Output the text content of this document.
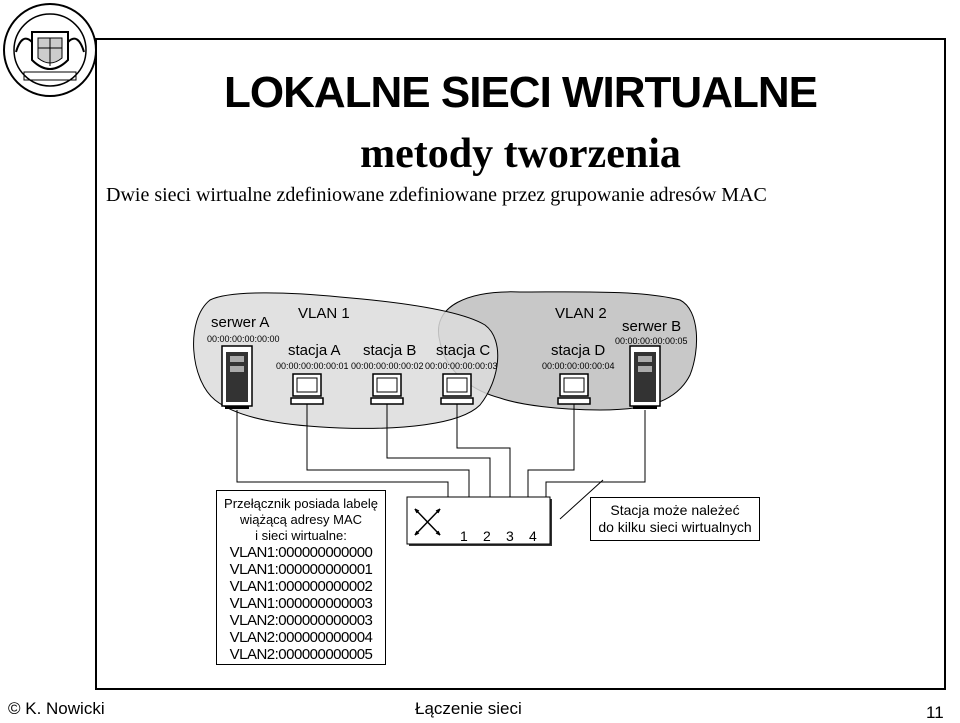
LOKALNE SIECI WIRTUALNE
metody tworzenia
Dwie sieci wirtualne zdefiniowane zdefiniowane przez grupowanie adresów MAC
VLAN 1	VLAN 2
serwer A
00:00:00:00:00:00
stacja A
00:00:00:00:00:01
stacja B
00:00:00:00:00:02
stacja C
00:00:00:00:00:03
stacja D
00:00:00:00:00:04
serwer B
00:00:00:00:00:05
1 2 3 4
Przełącznik posiada labelę
wiążącą adresy MAC
i sieci wirtualne:
VLAN1:000000000000
VLAN1:000000000001
VLAN1:000000000002
VLAN1:000000000003
VLAN2:000000000003
VLAN2:000000000004
VLAN2:000000000005
Stacja może należeć
do kilku sieci wirtualnych
© K. Nowicki	Łączenie sieci	11
